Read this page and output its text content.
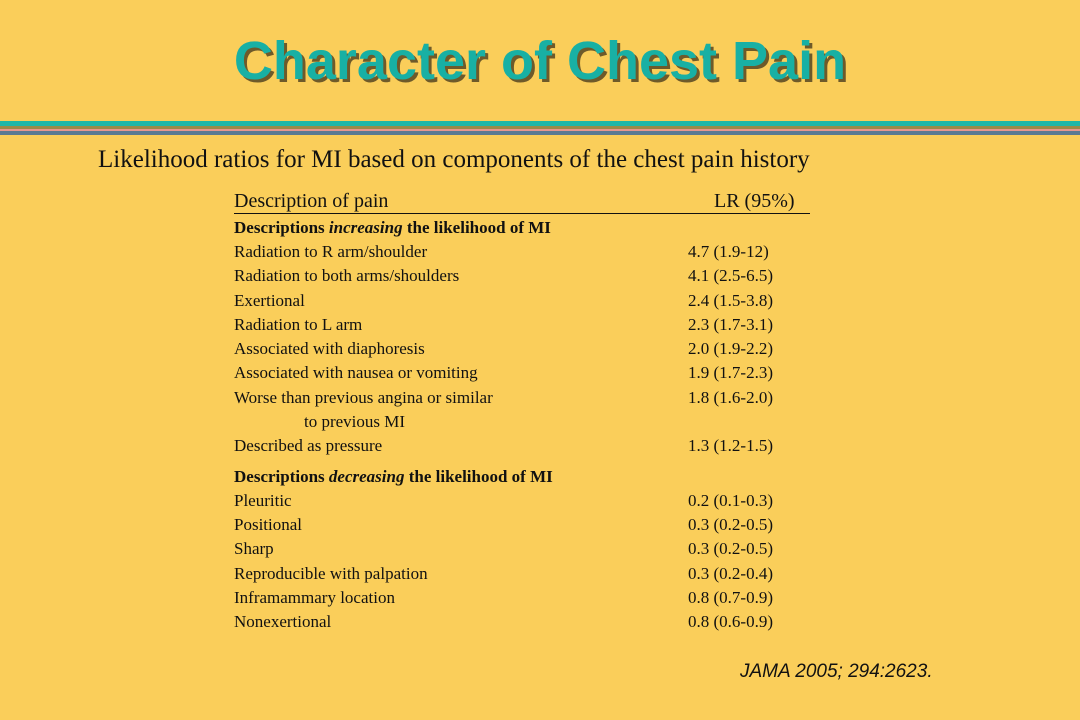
Character of Chest Pain
Likelihood ratios for MI based on components of the chest pain history
Description of pain	LR (95%)
Descriptions increasing the likelihood of MI
Radiation to R arm/shoulder	4.7 (1.9-12)
Radiation to both arms/shoulders	4.1 (2.5-6.5)
Exertional	2.4 (1.5-3.8)
Radiation to L arm	2.3 (1.7-3.1)
Associated with diaphoresis	2.0 (1.9-2.2)
Associated with nausea or vomiting	1.9 (1.7-2.3)
Worse than previous angina or similar	1.8 (1.6-2.0)
to previous MI
Described as pressure	1.3 (1.2-1.5)
Descriptions decreasing the likelihood of MI
Pleuritic	0.2 (0.1-0.3)
Positional	0.3 (0.2-0.5)
Sharp	0.3 (0.2-0.5)
Reproducible with palpation	0.3 (0.2-0.4)
Inframammary location	0.8 (0.7-0.9)
Nonexertional	0.8 (0.6-0.9)
JAMA 2005; 294:2623.
